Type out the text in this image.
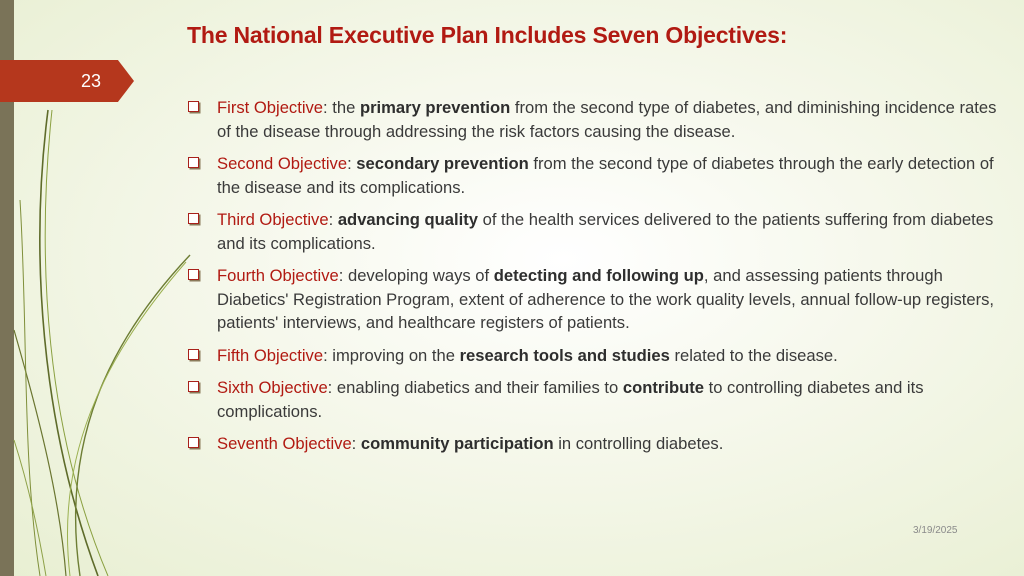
23
The National Executive Plan Includes Seven Objectives:
First Objective: the primary prevention from the second type of diabetes, and diminishing incidence rates of the disease through addressing the risk factors causing the disease.
Second Objective: secondary prevention from the second type of diabetes through the early detection of the disease and its complications.
Third Objective: advancing quality of the health services delivered to the patients suffering from diabetes and its complications.
Fourth Objective: developing ways of detecting and following up, and assessing patients through Diabetics' Registration Program, extent of adherence to the work quality levels, annual follow-up registers, patients' interviews, and healthcare registers of patients.
Fifth Objective: improving on the research tools and studies related to the disease.
Sixth Objective: enabling diabetics and their families to contribute to controlling diabetes and its complications.
Seventh Objective: community participation in controlling diabetes.
3/19/2025
